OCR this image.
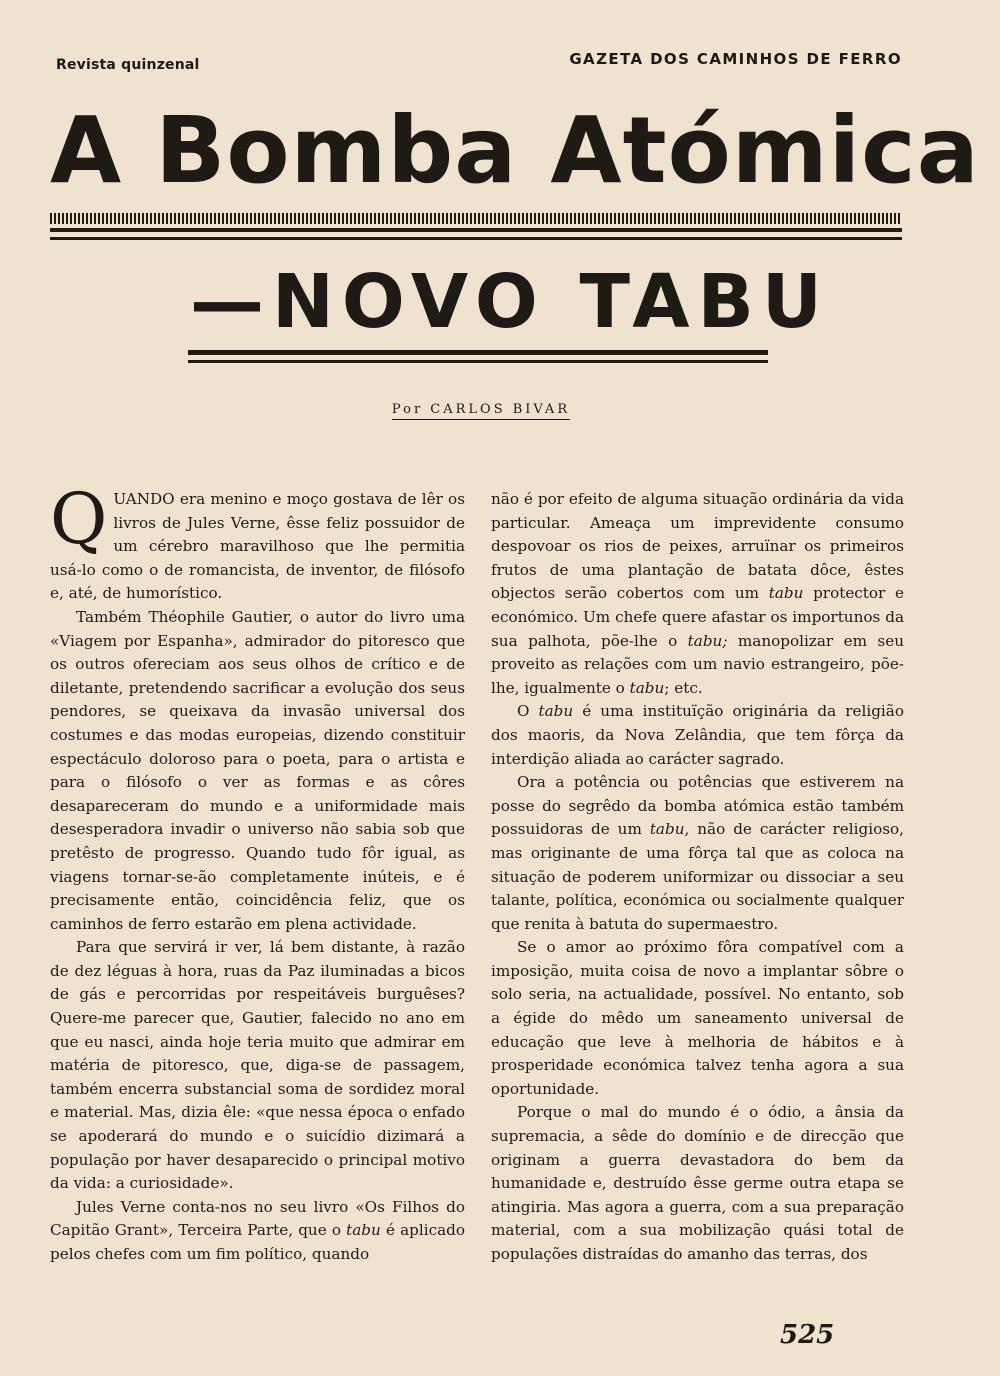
Revista quinzenal	GAZETA DOS CAMINHOS DE FERRO
A Bomba Atómica
—NOVO TABU
Por CARLOS BIVAR

QUANDO era menino e moço gostava de lêr os livros de Jules Verne, êsse feliz possuidor de um cérebro maravilhoso que lhe permitia usá-lo como o de romancista, de inventor, de filósofo e, até, de humorístico.

Também Théophile Gautier, o autor do livro uma «Viagem por Espanha», admirador do pitoresco que os outros ofereciam aos seus olhos de crítico e de diletante, pretendendo sacrificar a evolução dos seus pendores, se queixava da invasão universal dos costumes e das modas europeias, dizendo constituir espectáculo doloroso para o poeta, para o artista e para o filósofo o ver as formas e as côres desapareceram do mundo e a uniformidade mais desesperadora invadir o universo não sabia sob que pretêsto de progresso. Quando tudo fôr igual, as viagens tornar-se-ão completamente inúteis, e é precisamente então, coincidência feliz, que os caminhos de ferro estarão em plena actividade.

Para que servirá ir ver, lá bem distante, à razão de dez léguas à hora, ruas da Paz iluminadas a bicos de gás e percorridas por respeitáveis burguêses? Quere-me parecer que, Gautier, falecido no ano em que eu nasci, ainda hoje teria muito que admirar em matéria de pitoresco, que, diga-se de passagem, também encerra substancial soma de sordidez moral e material. Mas, dizia êle: «que nessa época o enfado se apoderará do mundo e o suicídio dizimará a população por haver desaparecido o principal motivo da vida: a curiosidade».

Jules Verne conta-nos no seu livro «Os Filhos do Capitão Grant», Terceira Parte, que o tabu é aplicado pelos chefes com um fim político, quando

não é por efeito de alguma situação ordinária da vida particular. Ameaça um imprevidente consumo despovoar os rios de peixes, arruïnar os primeiros frutos de uma plantação de batata dôce, êstes objectos serão cobertos com um tabu protector e económico. Um chefe quere afastar os importunos da sua palhota, põe-lhe o tabu; manopolizar em seu proveito as relações com um navio estrangeiro, põe-lhe, igualmente o tabu; etc.

O tabu é uma instituïção originária da religião dos maoris, da Nova Zelândia, que tem fôrça da interdição aliada ao carácter sagrado.

Ora a potência ou potências que estiverem na posse do segrêdo da bomba atómica estão também possuidoras de um tabu, não de carácter religioso, mas originante de uma fôrça tal que as coloca na situação de poderem uniformizar ou dissociar a seu talante, política, económica ou socialmente qualquer que renita à batuta do supermaestro.

Se o amor ao próximo fôra compatível com a imposição, muita coisa de novo a implantar sôbre o solo seria, na actualidade, possível. No entanto, sob a égide do mêdo um saneamento universal de educação que leve à melhoria de hábitos e à prosperidade económica talvez tenha agora a sua oportunidade.

Porque o mal do mundo é o ódio, a ânsia da supremacia, a sêde do domínio e de direcção que originam a guerra devastadora do bem da humanidade e, destruído êsse germe outra etapa se atingiria. Mas agora a guerra, com a sua preparação material, com a sua mobilização quási total de populações distraídas do amanho das terras, dos

525
